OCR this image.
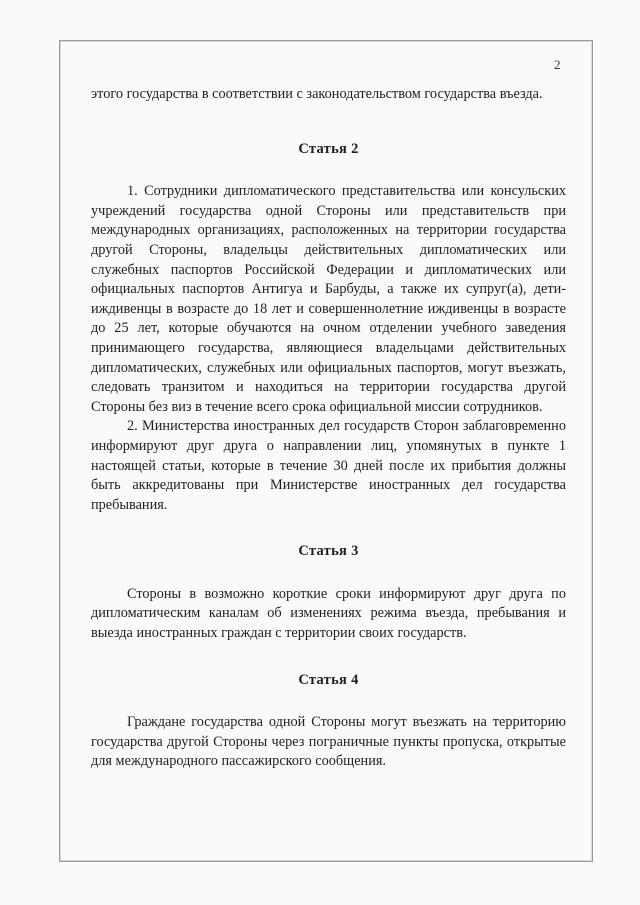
2

этого государства в соответствии с законодательством государства въезда.

Статья 2

1. Сотрудники дипломатического представительства или консульских учреждений государства одной Стороны или представительств при международных организациях, расположенных на территории государства другой Стороны, владельцы действительных дипломатических или служебных паспортов Российской Федерации и дипломатических или официальных паспортов Антигуа и Барбуды, а также их супруг(а), дети-иждивенцы в возрасте до 18 лет и совершеннолетние иждивенцы в возрасте до 25 лет, которые обучаются на очном отделении учебного заведения принимающего государства, являющиеся владельцами действительных дипломатических, служебных или официальных паспортов, могут въезжать, следовать транзитом и находиться на территории государства другой Стороны без виз в течение всего срока официальной миссии сотрудников.

2. Министерства иностранных дел государств Сторон заблаговременно информируют друг друга о направлении лиц, упомянутых в пункте 1 настоящей статьи, которые в течение 30 дней после их прибытия должны быть аккредитованы при Министерстве иностранных дел государства пребывания.

Статья 3

Стороны в возможно короткие сроки информируют друг друга по дипломатическим каналам об изменениях режима въезда, пребывания и выезда иностранных граждан с территории своих государств.

Статья 4

Граждане государства одной Стороны могут въезжать на территорию государства другой Стороны через пограничные пункты пропуска, открытые для международного пассажирского сообщения.
